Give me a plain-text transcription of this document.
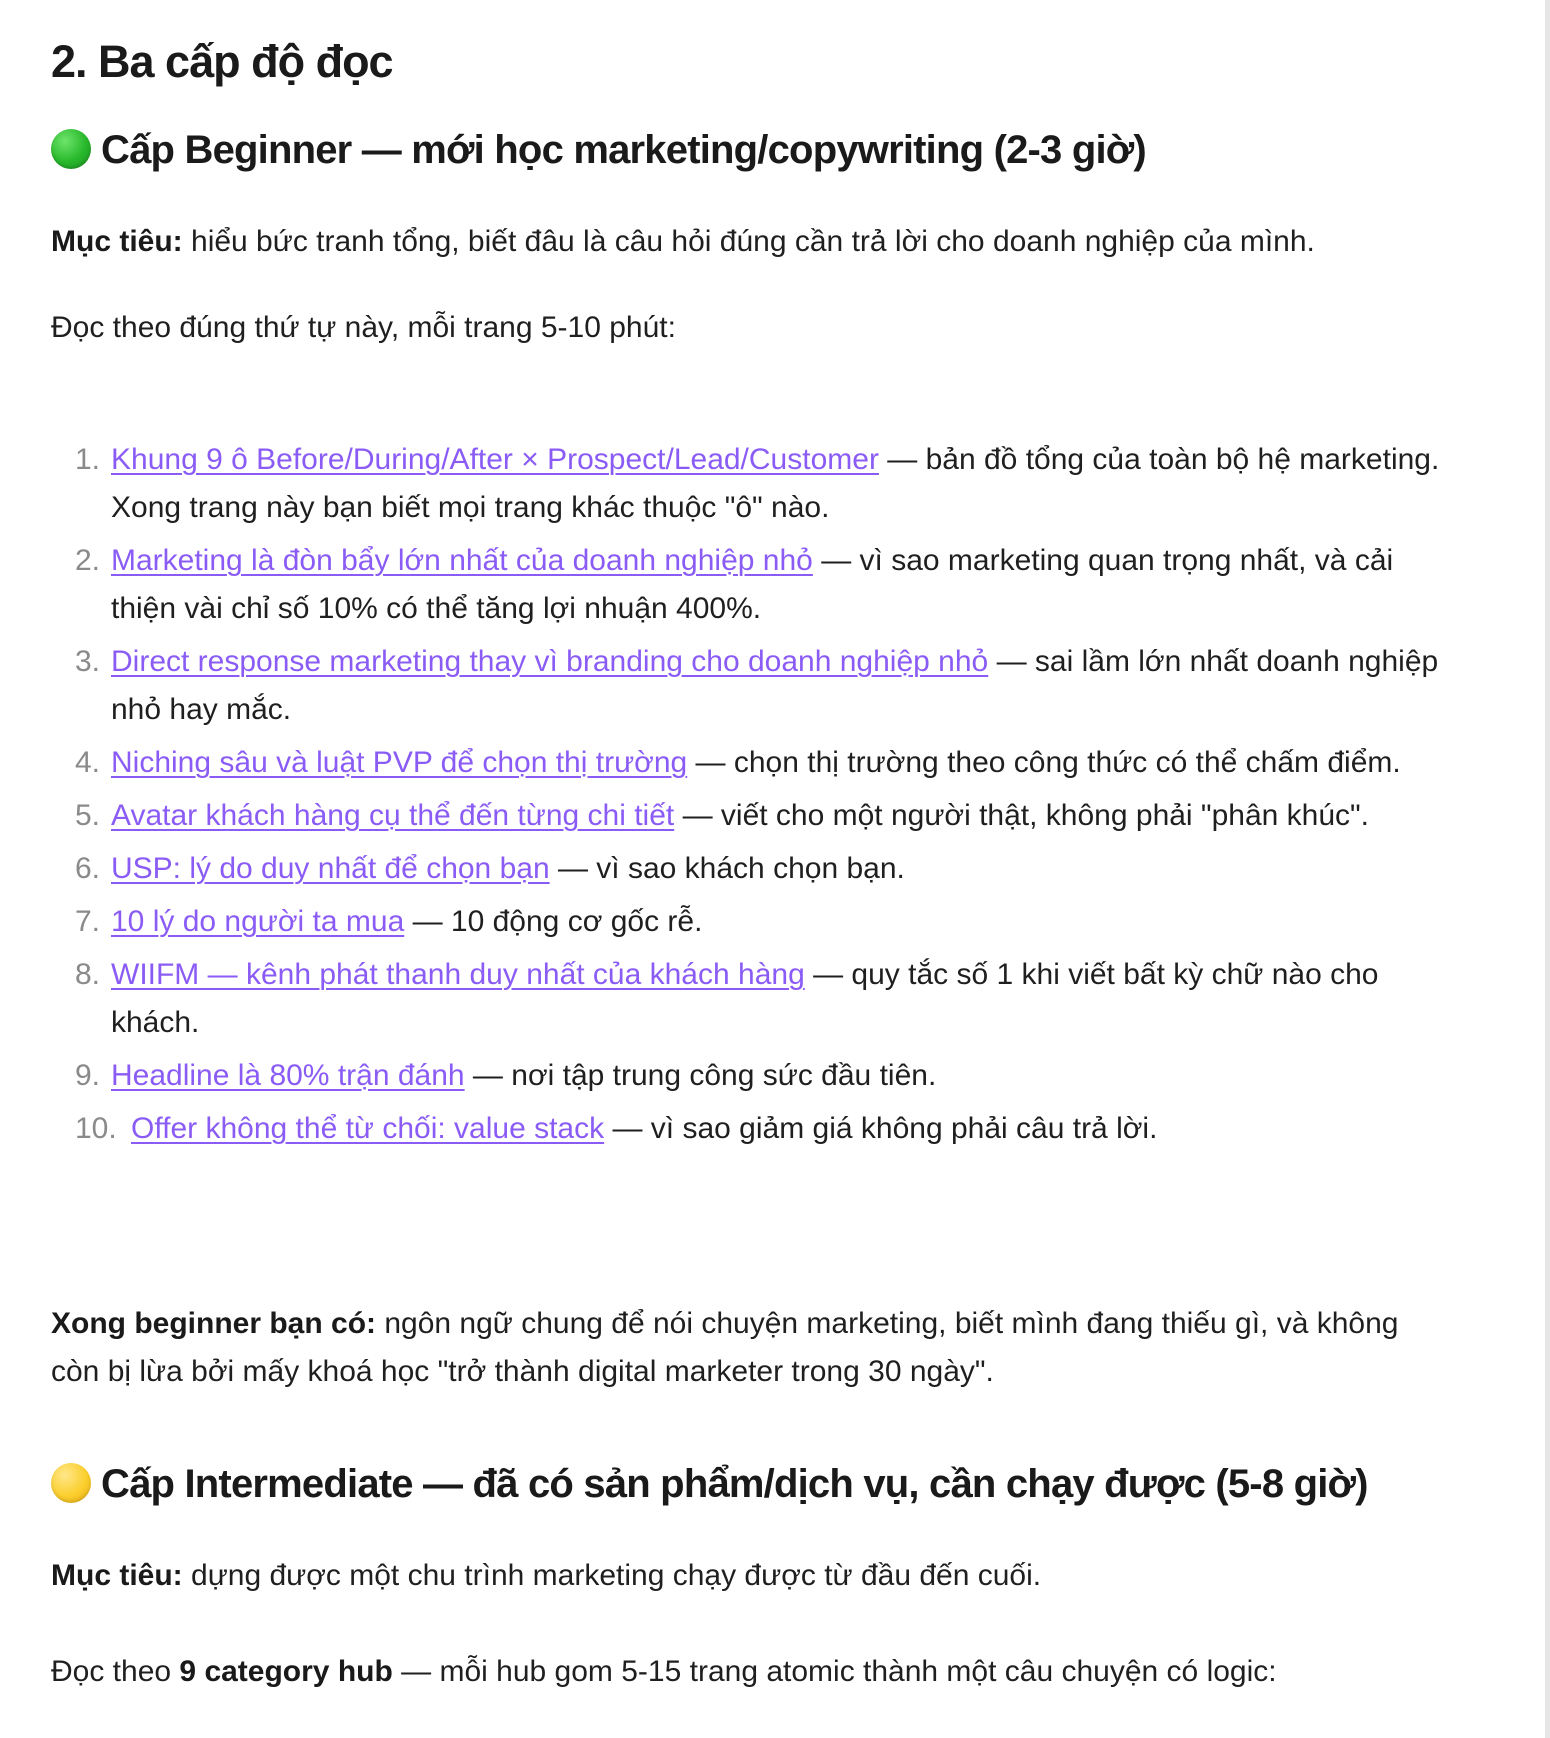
2. Ba cấp độ đọc
Cấp Beginner — mới học marketing/copywriting (2-3 giờ)

Mục tiêu: hiểu bức tranh tổng, biết đâu là câu hỏi đúng cần trả lời cho doanh nghiệp của mình.

Đọc theo đúng thứ tự này, mỗi trang 5-10 phút:

1. Khung 9 ô Before/During/After × Prospect/Lead/Customer — bản đồ tổng của toàn bộ hệ marketing. Xong trang này bạn biết mọi trang khác thuộc "ô" nào.
2. Marketing là đòn bẩy lớn nhất của doanh nghiệp nhỏ — vì sao marketing quan trọng nhất, và cải thiện vài chỉ số 10% có thể tăng lợi nhuận 400%.
3. Direct response marketing thay vì branding cho doanh nghiệp nhỏ — sai lầm lớn nhất doanh nghiệp nhỏ hay mắc.
4. Niching sâu và luật PVP để chọn thị trường — chọn thị trường theo công thức có thể chấm điểm.
5. Avatar khách hàng cụ thể đến từng chi tiết — viết cho một người thật, không phải "phân khúc".
6. USP: lý do duy nhất để chọn bạn — vì sao khách chọn bạn.
7. 10 lý do người ta mua — 10 động cơ gốc rễ.
8. WIIFM — kênh phát thanh duy nhất của khách hàng — quy tắc số 1 khi viết bất kỳ chữ nào cho khách.
9. Headline là 80% trận đánh — nơi tập trung công sức đầu tiên.
10. Offer không thể từ chối: value stack — vì sao giảm giá không phải câu trả lời.

Xong beginner bạn có: ngôn ngữ chung để nói chuyện marketing, biết mình đang thiếu gì, và không còn bị lừa bởi mấy khoá học "trở thành digital marketer trong 30 ngày".

Cấp Intermediate — đã có sản phẩm/dịch vụ, cần chạy được (5-8 giờ)

Mục tiêu: dựng được một chu trình marketing chạy được từ đầu đến cuối.

Đọc theo 9 category hub — mỗi hub gom 5-15 trang atomic thành một câu chuyện có logic:
